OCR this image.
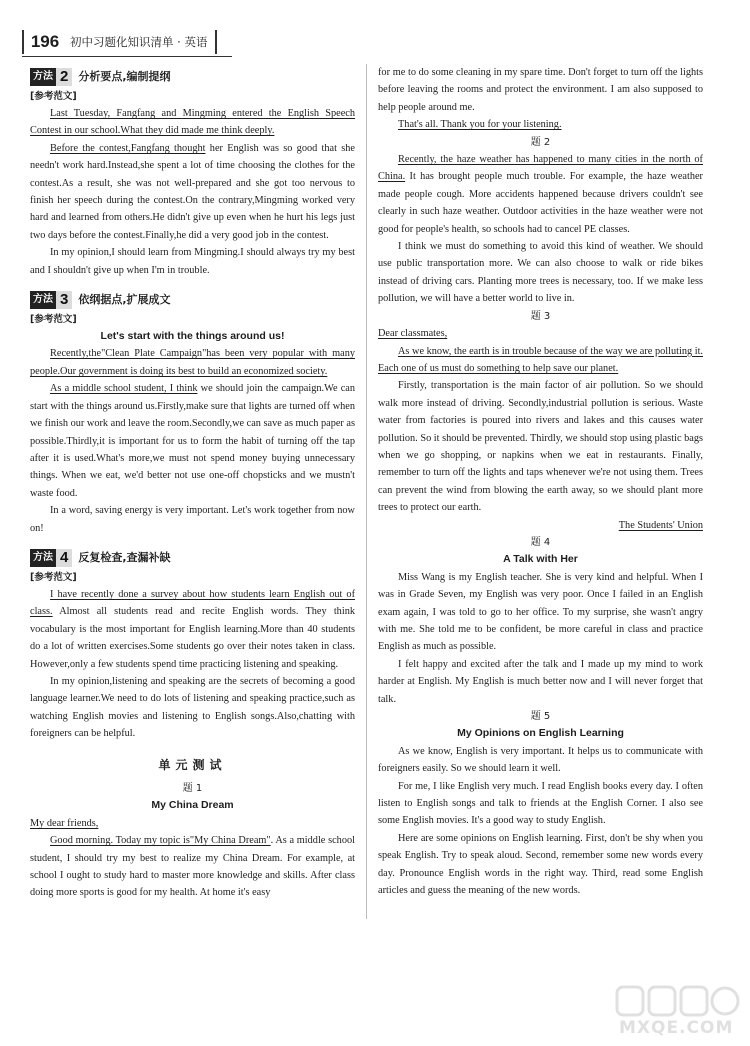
196 初中习题化知识清单 · 英语
方法 2 分析要点,编制提纲
[参考范文]

Last Tuesday, Fangfang and Mingming entered the English Speech Contest in our school.What they did made me think deeply.

Before the contest,Fangfang thought her English was so good that she needn't work hard.Instead,she spent a lot of time choosing the clothes for the contest.As a result, she was not well-prepared and she got too nervous to finish her speech during the contest.On the contrary,Mingming worked very hard and learned from others.He didn't give up even when he hurt his legs just two days before the contest.Finally,he did a very good job in the contest.

In my opinion,I should learn from Mingming.I should always try my best and I shouldn't give up when I'm in trouble.

方法 3 依纲据点,扩展成文
[参考范文]

Let's start with the things around us!

Recently,the"Clean Plate Campaign"has been very popular with many people.Our government is doing its best to build an economized society.

As a middle school student, I think we should join the campaign.We can start with the things around us.Firstly,make sure that lights are turned off when we finish our work and leave the room.Secondly,we can save as much paper as possible.Thirdly,it is important for us to form the habit of turning off the tap after it is used.What's more,we must not spend money buying unnecessary things. When we eat, we'd better not use one-off chopsticks and we mustn't waste food.

In a word, saving energy is very important. Let's work together from now on!

方法 4 反复检查,查漏补缺
[参考范文]

I have recently done a survey about how students learn English out of class. Almost all students read and recite English words. They think vocabulary is the most important for English learning.More than 40 students do a lot of written exercises.Some students go over their notes taken in class. However,only a few students spend time practicing listening and speaking.

In my opinion,listening and speaking are the secrets of becoming a good language learner.We need to do lots of listening and speaking practice,such as watching English movies and listening to English songs.Also,chatting with foreigners can be helpful.

单元测试

题 1

My China Dream

My dear friends,

Good morning. Today my topic is"My China Dream". As a middle school student, I should try my best to realize my China Dream. For example, at school I ought to study hard to master more knowledge and skills. After class doing more sports is good for my health. At home it's easy

for me to do some cleaning in my spare time. Don't forget to turn off the lights before leaving the rooms and protect the environment. I am also supposed to help people around me.

That's all. Thank you for your listening.

题 2

Recently, the haze weather has happened to many cities in the north of China. It has brought people much trouble. For example, the haze weather made people cough. More accidents happened because drivers couldn't see clearly in such haze weather. Outdoor activities in the haze weather were not good for people's health, so schools had to cancel PE classes.

I think we must do something to avoid this kind of weather. We should use public transportation more. We can also choose to walk or ride bikes instead of driving cars. Planting more trees is necessary, too. If we make less pollution, we will have a better world to live in.

题 3

Dear classmates,

As we know, the earth is in trouble because of the way we are polluting it. Each one of us must do something to help save our planet.

Firstly, transportation is the main factor of air pollution. So we should walk more instead of driving. Secondly,industrial pollution is serious. Waste water from factories is poured into rivers and lakes and this causes water pollution. So it should be prevented. Thirdly, we should stop using plastic bags when we go shopping, or napkins when we eat in restaurants. Finally, remember to turn off the lights and taps whenever we're not using them. Trees can prevent the wind from blowing the earth away, so we should plant more trees to protect our earth.

The Students' Union

题 4

A Talk with Her

Miss Wang is my English teacher. She is very kind and helpful. When I was in Grade Seven, my English was very poor. Once I failed in an English exam again, I was told to go to her office. To my surprise, she wasn't angry with me. She told me to be confident, be more careful in class and practice English as much as possible.

I felt happy and excited after the talk and I made up my mind to work harder at English. My English is much better now and I will never forget that talk.

题 5

My Opinions on English Learning

As we know, English is very important. It helps us to communicate with foreigners easily. So we should learn it well.

For me, I like English very much. I read English books every day. I often listen to English songs and talk to friends at the English Corner. I also see some English movies. It's a good way to study English.

Here are some opinions on English learning. First, don't be shy when you speak English. Try to speak aloud. Second, remember some new words every day. Pronounce English words in the right way. Third, read some English articles and guess the meaning of the new words.

MXQE.COM
